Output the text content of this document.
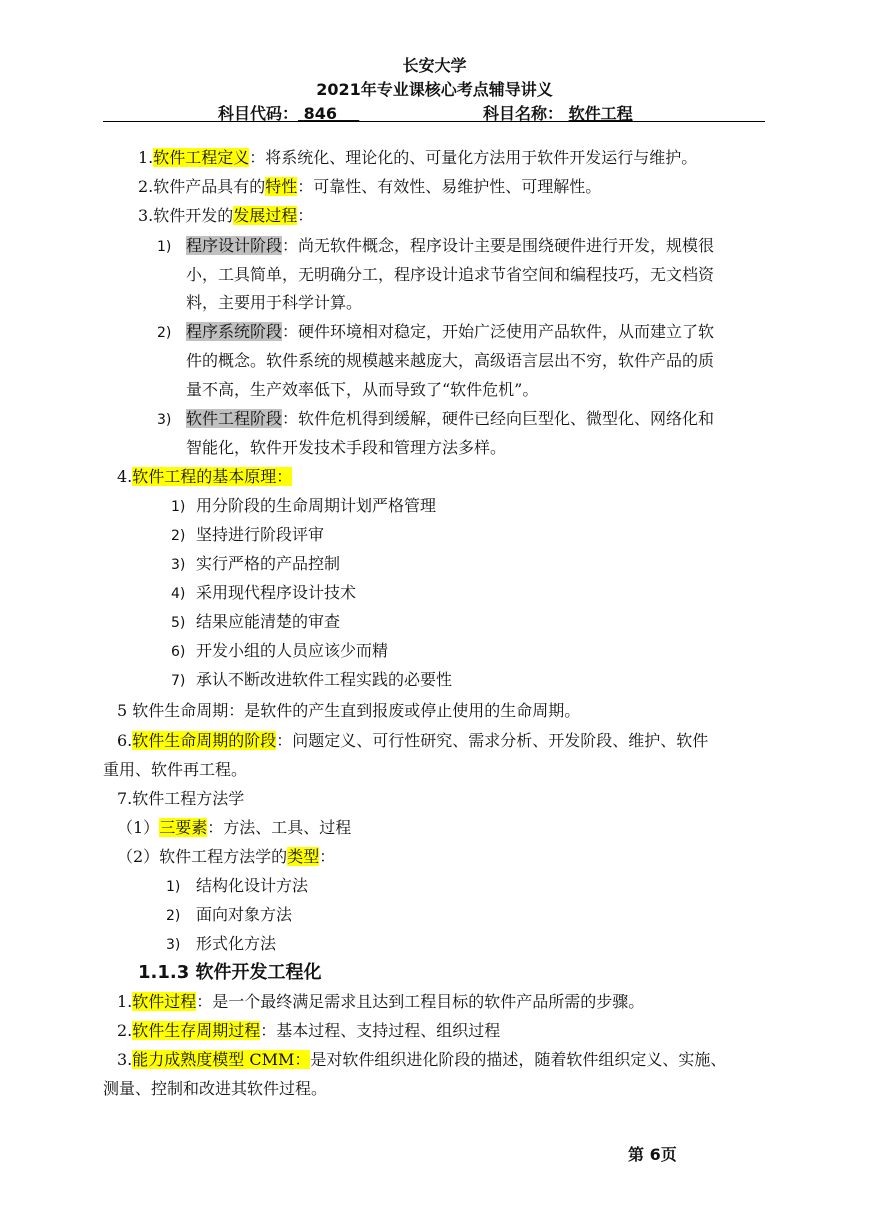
长安大学
2021年专业课核心考点辅导讲义
科目代码： 846	科目名称： 软件工程
1.软件工程定义：将系统化、理论化的、可量化方法用于软件开发运行与维护。
2.软件产品具有的特性：可靠性、有效性、易维护性、可理解性。
3.软件开发的发展过程：
1) 程序设计阶段：尚无软件概念，程序设计主要是围绕硬件进行开发，规模很
小，工具简单，无明确分工，程序设计追求节省空间和编程技巧，无文档资
料，主要用于科学计算。
2) 程序系统阶段：硬件环境相对稳定，开始广泛使用产品软件，从而建立了软
件的概念。软件系统的规模越来越庞大，高级语言层出不穷，软件产品的质
量不高，生产效率低下，从而导致了“软件危机”。
3) 软件工程阶段：软件危机得到缓解，硬件已经向巨型化、微型化、网络化和
智能化，软件开发技术手段和管理方法多样。
4.软件工程的基本原理：
1) 用分阶段的生命周期计划严格管理
2) 坚持进行阶段评审
3) 实行严格的产品控制
4) 采用现代程序设计技术
5) 结果应能清楚的审查
6) 开发小组的人员应该少而精
7) 承认不断改进软件工程实践的必要性
5 软件生命周期：是软件的产生直到报废或停止使用的生命周期。
6.软件生命周期的阶段：问题定义、可行性研究、需求分析、开发阶段、维护、软件
重用、软件再工程。
7.软件工程方法学
（1）三要素：方法、工具、过程
（2）软件工程方法学的类型：
1) 结构化设计方法
2) 面向对象方法
3) 形式化方法
1.1.3 软件开发工程化
1.软件过程：是一个最终满足需求且达到工程目标的软件产品所需的步骤。
2.软件生存周期过程：基本过程、支持过程、组织过程
3.能力成熟度模型 CMM：是对软件组织进化阶段的描述，随着软件组织定义、实施、
测量、控制和改进其软件过程。
第 6页
